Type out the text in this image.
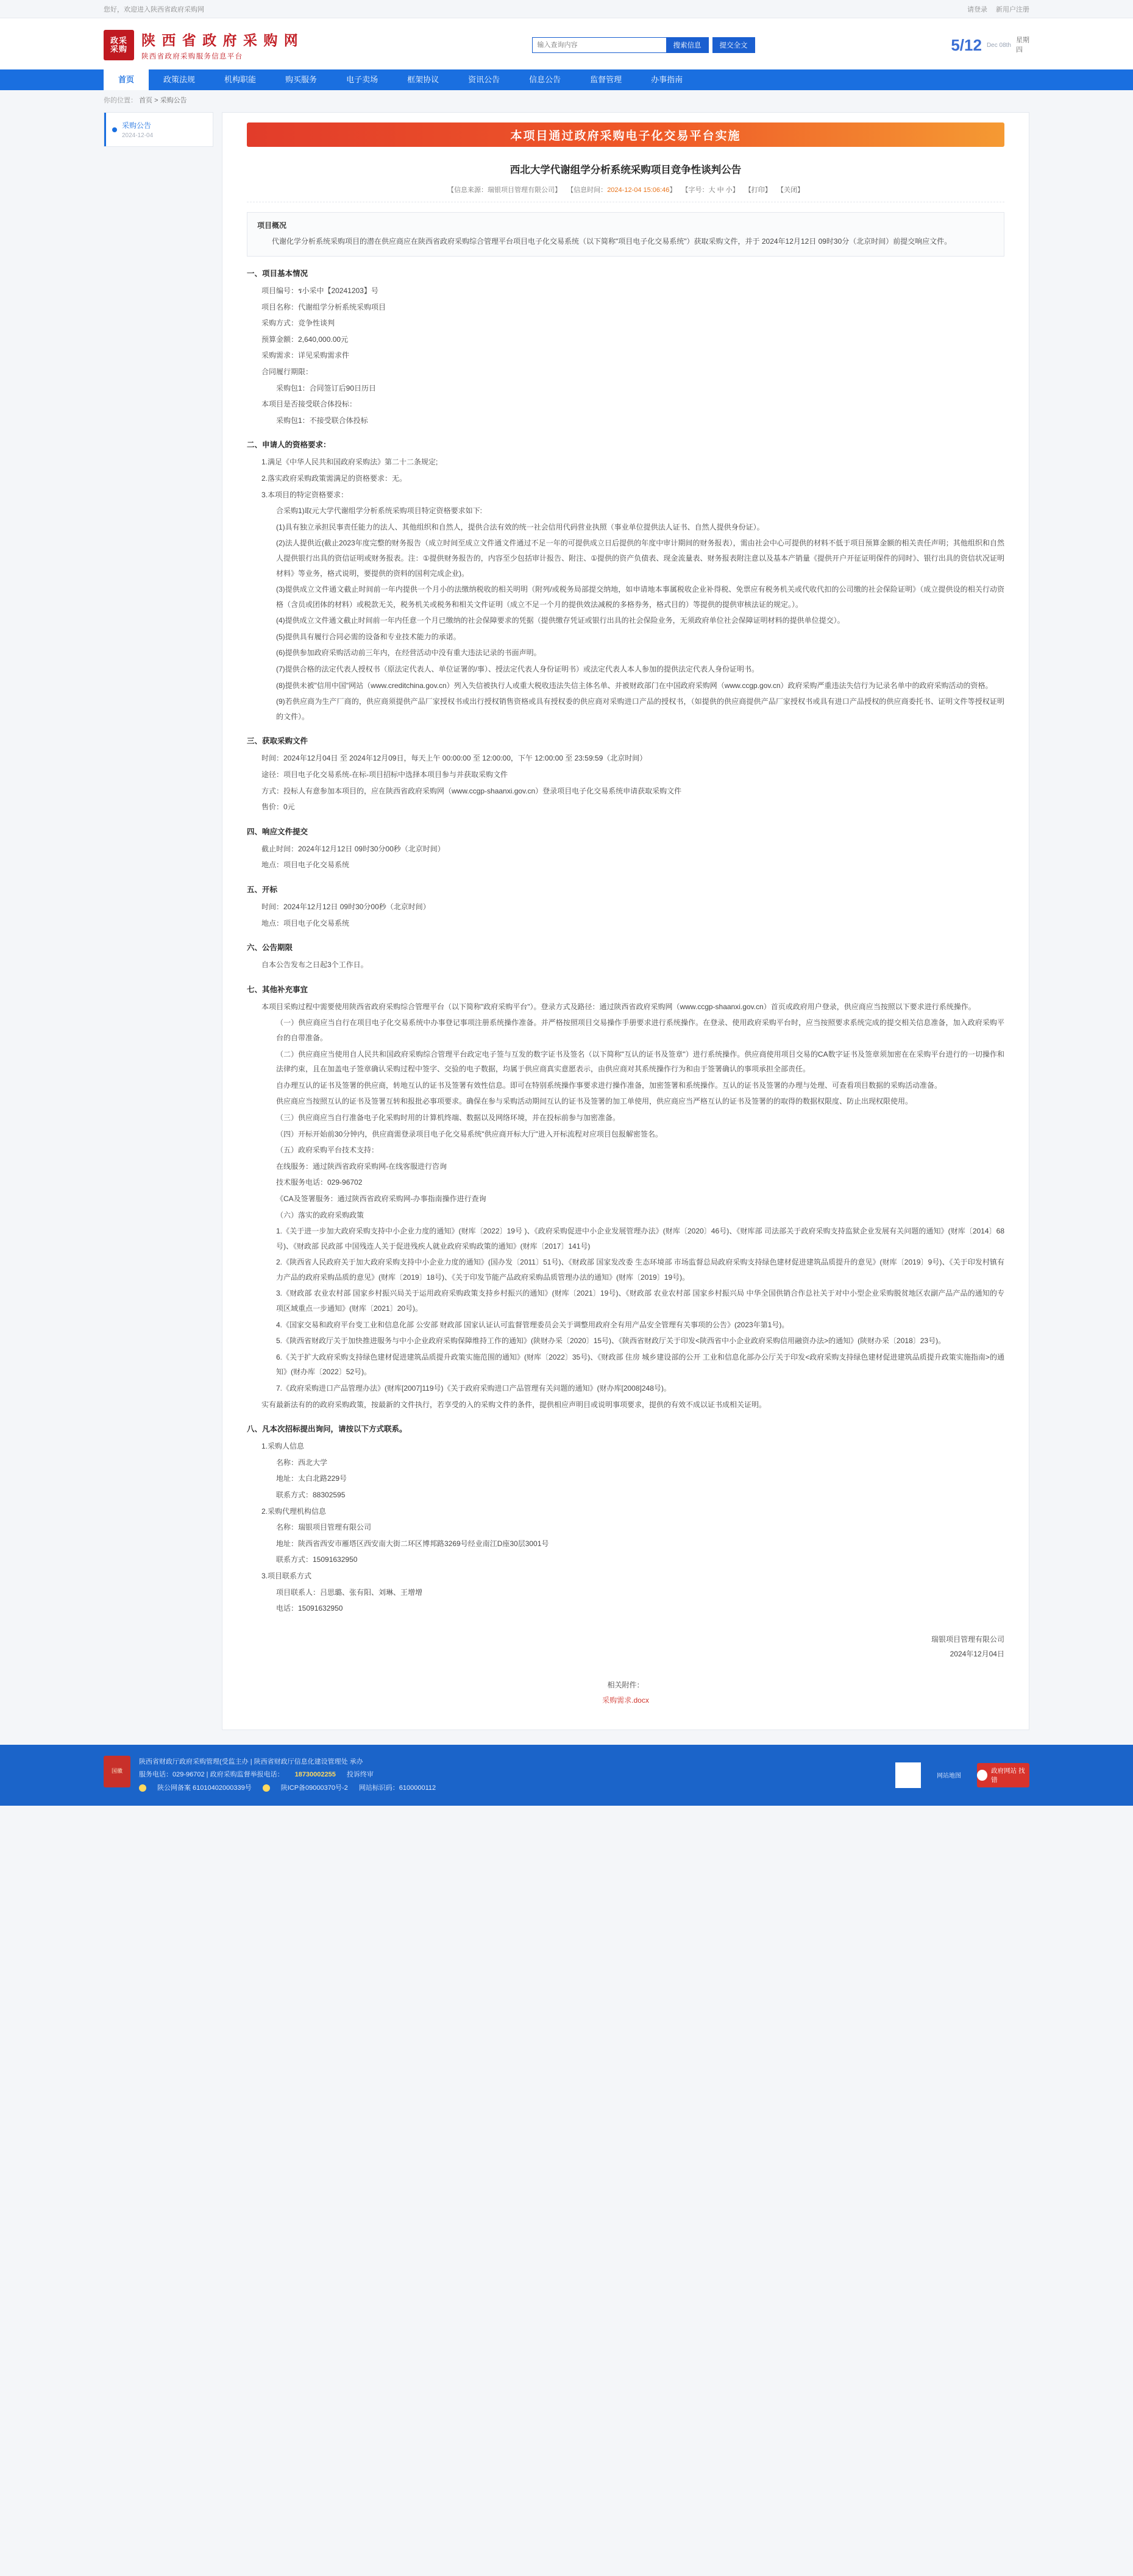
您好，欢迎进入陕西省政府采购网	请登录 新用户注册
政采
采购
陕 西 省 政 府 采 购 网
陕西省政府采购服务信息平台
输入查询内容
搜索信息	提交全文	5/12 Dec 08th
星期
四
首页	政策法规	机构职能	购买服务	电子卖场	框架协议	资讯公告	信息公告	监督管理	办事指南
你的位置： 首页 > 采购公告
采购公告
2024-12-04	本项目通过政府采购电子化交易平台实施
西北大学代谢组学分析系统采购项目竞争性谈判公告
【信息来源：瑞银项目管理有限公司】 【信息时间：2024-12-04 15:06:46】 【字号：大 中 小】 【打印】 【关闭】
项目概况

代谢化学分析系统采购项目的潜在供应商应在陕西省政府采购综合管理平台项目电子化交易系统（以下简称"项目电子化交易系统"）获取采购文件，并于 2024年12月12日 09时30分（北京时间）前提交响应文件。

一、项目基本情况

项目编号：ร小采中【20241203】号

项目名称：代谢组学分析系统采购项目

采购方式：竞争性谈判

预算金额：2,640,000.00元

采购需求：详见采购需求件

合同履行期限：

采购包1：合同签订后90日历日

本项目是否接受联合体投标：

采购包1：不接受联合体投标

二、申请人的资格要求：

1.满足《中华人民共和国政府采购法》第二十二条规定;

2.落实政府采购政策需满足的资格要求：无。

3.本项目的特定资格要求：

合采购1)取元大学代谢组学分析系统采购项目特定资格要求如下:

(1)具有独立承担民事责任能力的法人、其他组织和自然人，提供合法有效的统一社会信用代码营业执照（事业单位提供法人证书、自然人提供身份证）。

(2)法人提供近(截止2023年度完整的财务报告（成立时间至成立文件通文件通过不足一年的可提供成立日后提供的年度中审计期间的财务报表），需由社会中心可提供的材料不低于项目预算金额的相关责任声明；其他组织和自然人提供银行出具的资信证明或财务报表。注：①提供财务报告的，内容至少包括审计报告、附注、①提供的资产负债表、现金流量表、财务报表附注意以及基本产销量《提供开户开征证明保件的同时》、银行出具的资信状况证明材料》等业务，格式说明，要提供的资料的国利完成企业)。

(3)提供成立文件通文截止时间前一年内提供一个月小的法缴纳税收的相关明明（附列/或税务局部提交纳地，如申请地本事属税收企业补得税、免票应有税务机关或代收代扣的公司缴的社会保险证明》（成立提供设的相关行动资格（含员或团体的材料）或税款无关，税务机关或税务和相关文件证明（成立不足一个月的提供效法减税的多格券务，格式目的）等提供的提供审核法证的规定。）。

(4)提供成立文件通文截止时间前一年内任意一个月已缴纳的社会保障要求的凭据（提供缴存凭证或银行出具的社会保险业务，无须政府单位社会保障证明材料的提供单位提交）。

(5)提供具有履行合同必需的设备和专业技术能力的承诺。

(6)提供参加政府采购活动前三年内，在经营活动中没有重大违法记录的书面声明。

(7)提供合格的法定代表人授权书（原法定代表人、单位证署的/事）、授法定代表人身份证明书）或法定代表人本人参加的提供法定代表人身份证明书。

(8)提供未被"信用中国"网站（www.creditchina.gov.cn）列入失信被执行人或重大税收违法失信主体名单、并被财政部门在中国政府采购网（www.ccgp.gov.cn）政府采购严重违法失信行为记录名单中的政府采购活动的资格。

(9)若供应商为生产厂商的，供应商须提供产品厂家授权书或出行授权销售资格或具有授权委的供应商对采购进口产品的授权书，（如提供的供应商提供产品厂家授权书或具有进口产品授权的供应商委托书、证明文件等授权证明的文件）。

三、获取采购文件

时间：2024年12月04日 至 2024年12月09日，每天上午 00:00:00 至 12:00:00，下午 12:00:00 至 23:59:59（北京时间）

途径：项目电子化交易系统-在标-项目招标中选择本项目参与并获取采购文件

方式：投标人有意参加本项目的，应在陕西省政府采购网（www.ccgp-shaanxi.gov.cn）登录项目电子化交易系统申请获取采购文件

售价：0元

四、响应文件提交

截止时间：2024年12月12日 09时30分00秒（北京时间）

地点：项目电子化交易系统

五、开标

时间：2024年12月12日 09时30分00秒（北京时间）

地点：项目电子化交易系统

六、公告期限

自本公告发布之日起3个工作日。

七、其他补充事宜

本项目采购过程中需要使用陕西省政府采购综合管理平台（以下简称"政府采购平台"）。登录方式及路径：通过陕西省政府采购网（www.ccgp-shaanxi.gov.cn）首页或政府用户登录，供应商应当按照以下要求进行系统操作。

（一）供应商应当自行在项目电子化交易系统中办事登记事项注册系统操作准备。并严格按照项目交易操作手册要求进行系统操作。在登录、使用政府采购平台时，应当按照要求系统完成的提交相关信息准备，加入政府采购平台的自带准备。

（二）供应商应当使用自人民共和国政府采购综合管理平台政定电子签与互发的数字证书及签名（以下简称"互认的证书及签章"）进行系统操作。供应商使用项目交易的CA数字证书及签章须加密在在采购平台进行的一切操作和法律约束，且在加盖电子签章确认采购过程中签字、交验的电子数据，均属于供应商真实意愿表示，由供应商对其系统操作行为和由于签署确认的事项承担全部责任。

自办理互认的证书及签署的供应商，转地互认的证书及签署有效性信息。即可在特别系统操作事要求进行操作准备，加密签署和系统操作。互认的证书及签署的办理与处理、可查看项目数据的采购活动准备。

供应商应当按照互认的证书及签署互转和报批必事项要求。确保在参与采购活动期间互认的证书及签署的加工单使用，供应商应当严格互认的证书及签署的的取得的数据权限度、防止出现权限使用。

（三）供应商应当自行准备电子化采购时用的计算机终端、数据以及网络环境，并在投标前参与加密准备。

（四）开标开始前30分钟内，供应商需登录项目电子化交易系统"供应商开标大厅"进入开标流程对应项目包报解密签名。

（五）政府采购平台技术支持：

在线服务：通过陕西省政府采购网-在线客服进行咨询

技术服务电话：029-96702

《CA及签署服务：通过陕西省政府采购网-办事指南操作进行查询

（六）落实的政府采购政策

1.《关于进一步加大政府采购支持中小企业力度的通知》(财库〔2022〕19号 )、《政府采购促进中小企业发展管理办法》(财库〔2020〕46号)、《财库部 司法部关于政府采购支持监狱企业发展有关问题的通知》(财库〔2014〕68号)、《财政部 民政部 中国残连人关于促进残疾人就业政府采购政策的通知》(财库〔2017〕141号)

2.《陕西省人民政府关于加大政府采购支持中小企业力度的通知》(国办发〔2011〕51号)、《财政部 国家发改委 生态环境部 市场监督总局政府采购支持绿色建材促进建筑品质提升的意见》(财库〔2019〕9号)、《关于印发村镇有力产品的政府采购品质的意见》(财库〔2019〕18号)、《关于印发节能产品政府采购品质管理办法的通知》(财库〔2019〕19号)。

3.《财政部 农业农村部 国家乡村振兴局关于运用政府采购政策支持乡村振兴的通知》(财库〔2021〕19号)、《财政部 农业农村部 国家乡村振兴局 中华全国供销合作总社关于对中小型企业采购脱贫地区农副产品产品的通知的专项区域重点一步通知》(财库〔2021〕20号)。

4.《国家交易和政府平台变工业和信息化部 公安部 财政部 国家认证认可监督管理委员会关于调整用政府全有用产品安全管理有关事项的公告》(2023年第1号)。

5.《陕西省财政厅关于加快推进服务与中小企业政府采购保障维持工作的通知》(陕财办采〔2020〕15号)、《陕西省财政厅关于印发<陕西省中小企业政府采购信用融资办法>的通知》(陕财办采〔2018〕23号)。

6.《关于扩大政府采购支持绿色建材促进建筑品质提升政策实施范围的通知》(财库〔2022〕35号)、《财政部 住房 城乡建设部的公开 工业和信息化部办公厅关于印发<政府采购支持绿色建材促进建筑品质提升政策实施指南>的通知》(财办库〔2022〕52号)。

7.《政府采购进口产品管理办法》(财库[2007]119号)《关于政府采购进口产品管理有关问题的通知》(财办库[2008]248号)。

实有最新法有的的政府采购政策，按最新的文件执行，若享受的入的采购文件的条件，提供相应声明目或说明事项要求，提供的有效不成以证书成相关证明。

八、凡本次招标提出询问，请按以下方式联系。

1.采购人信息

名称：西北大学

地址：太白北路229号

联系方式：88302595

2.采购代理机构信息

名称：瑞银项目管理有限公司

地址：陕西省西安市雁塔区西安南大街二环区博邦路3269号经业南江D座30层3001号

联系方式：15091632950

3.项目联系方式

项目联系人：吕思璐、张有阳、刘琳、王增增

电话：15091632950

瑞银项目管理有限公司
2024年12月04日
相关附件：
采购需求.docx
国徽
陕西省财政厅政府采购管理(受监主办 | 陕西省财政厅信息化建设管理处 承办
服务电话：029-96702 | 政府采购监督举报电话： 18730002255 投诉终审
陕公网备案 61010402000339号	陕ICP备09000370号-2 网站标识码：6100000112
网站地图
政府网站 找错
